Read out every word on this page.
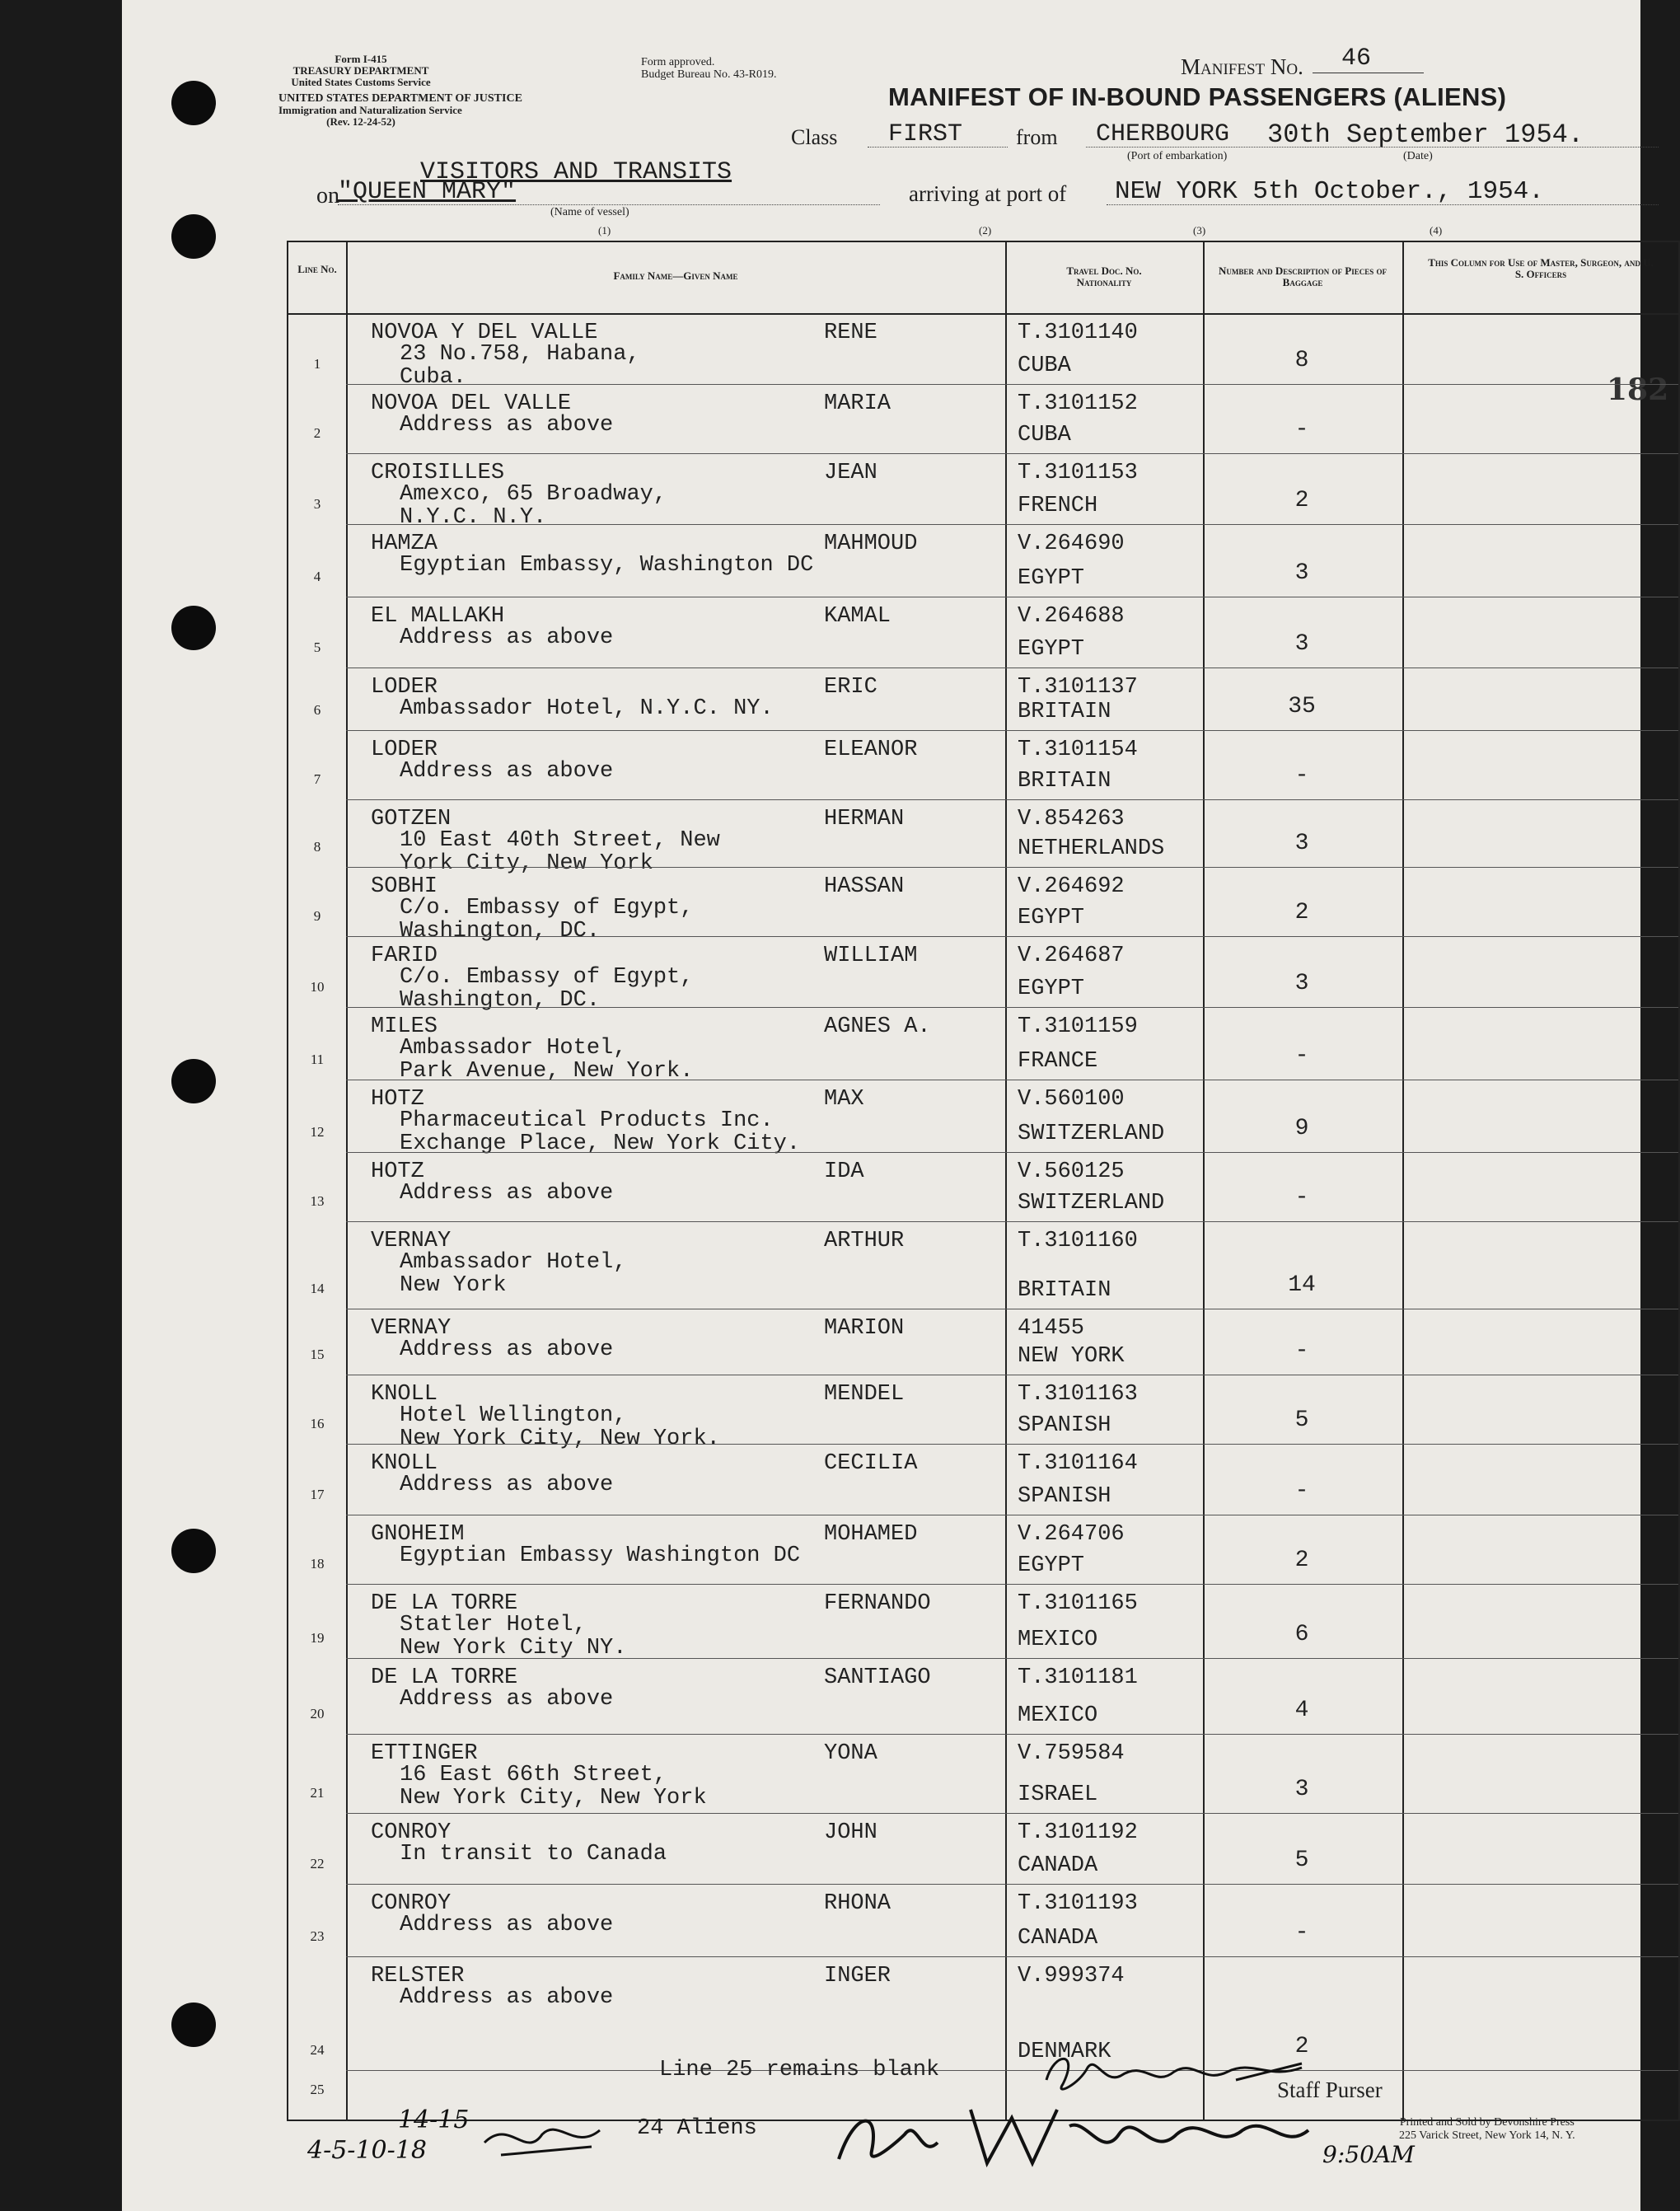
Form I-415
TREASURY DEPARTMENT
United States Customs Service
UNITED STATES DEPARTMENT OF JUSTICE
Immigration and Naturalization Service
(Rev. 12-24-52)
Form approved.
Budget Bureau No. 43-R019.	Manifest No. 46
MANIFEST OF IN-BOUND PASSENGERS (ALIENS)
Class FIRST from CHERBOURG 30th September 1954.
(Port of embarkation)	(Date)
VISITORS AND TRANSITS
on
"QUEEN MARY"
(Name of vessel)
arriving at port of NEW YORK 5th October., 1954.
(1)	(2)	(3)	(4)
Line No.
Family Name—Given Name	Travel Doc. No. Nationality
Number and Description of Pieces of Baggage
This Column for Use of Master, Surgeon, and U. S. Officers
182
1
NOVOA Y DEL VALLE	RENE
23 No.758, Habana,
Cuba.
T.3101140
CUBA	8
2
NOVOA DEL VALLE	MARIA
Address as above
T.3101152
CUBA	-
3
CROISILLES	JEAN
Amexco, 65 Broadway,
N.Y.C. N.Y.
T.3101153
FRENCH	2
4
HAMZA	MAHMOUD
Egyptian Embassy, Washington DC
V.264690
EGYPT	3
5
EL MALLAKH	KAMAL
Address as above
V.264688
EGYPT	3
6
LODER	ERIC
Ambassador Hotel, N.Y.C. NY.
T.3101137
BRITAIN	35
7
LODER	ELEANOR
Address as above
T.3101154
BRITAIN	-
8
GOTZEN	HERMAN
10 East 40th Street, New
York City, New York
V.854263
NETHERLANDS	3
9
SOBHI	HASSAN
C/o. Embassy of Egypt,
Washington, DC.
V.264692
EGYPT	2
10
FARID	WILLIAM
C/o. Embassy of Egypt,
Washington, DC.
V.264687
EGYPT	3
11
MILES	AGNES A.
Ambassador Hotel,
Park Avenue, New York.
T.3101159
FRANCE	-
12
HOTZ	MAX
Pharmaceutical Products Inc.
Exchange Place, New York City.
V.560100
SWITZERLAND	9
13
HOTZ	IDA
Address as above
V.560125
SWITZERLAND	-
14
VERNAY	ARTHUR
Ambassador Hotel,
New York
T.3101160
BRITAIN	14
15
VERNAY	MARION
Address as above
41455
NEW YORK	-
16
KNOLL	MENDEL
Hotel Wellington,
New York City, New York.
T.3101163
SPANISH	5
17
KNOLL	CECILIA
Address as above
T.3101164
SPANISH	-
18
GNOHEIM	MOHAMED
Egyptian Embassy Washington DC
V.264706
EGYPT	2
19
DE LA TORRE	FERNANDO
Statler Hotel,
New York City NY.
T.3101165
MEXICO	6
20
DE LA TORRE	SANTIAGO
Address as above
T.3101181
MEXICO	4
21
ETTINGER	YONA
16 East 66th Street,
New York City, New York
V.759584
ISRAEL	3
22
CONROY	JOHN
In transit to Canada
T.3101192
CANADA	5
23
CONROY	RHONA
Address as above
T.3101193
CANADA	-
24
RELSTER	INGER
Address as above
V.999374
DENMARK	2
25
Line 25 remains blank
Staff Purser
24 Aliens
14-15
4-5-10-18	9:50AM
Printed and Sold by Devonshire Press
225 Varick Street, New York 14, N. Y.
